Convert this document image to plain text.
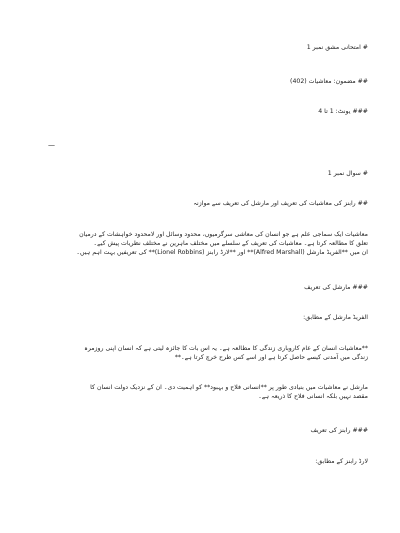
# امتحانی مشق نمبر 1
## مضمون: معاشیات (402)
### یونٹ: 1 تا 4
—
# سوال نمبر 1
## رابنز کی معاشیات کی تعریف اور مارشل کی تعریف سے موازنہ
معاشیات ایک سماجی علم ہے جو انسان کی معاشی سرگرمیوں، محدود وسائل اور لامحدود خواہشات کے درمیان
تعلق کا مطالعہ کرتا ہے۔ معاشیات کی تعریف کے سلسلے میں مختلف ماہرین نے مختلف نظریات پیش کیے۔
ان میں **الفریڈ مارشل (Alfred Marshall)** اور **لارڈ رابنز (Lionel Robbins)** کی تعریفیں بہت اہم ہیں۔
### مارشل کی تعریف
الفریڈ مارشل کے مطابق:
**معاشیات انسان کے عام کاروباری زندگی کا مطالعہ ہے۔ یہ اس بات کا جائزہ لیتی ہے کہ انسان اپنی روزمرہ
زندگی میں آمدنی کیسے حاصل کرتا ہے اور اسے کس طرح خرچ کرتا ہے۔**
مارشل نے معاشیات میں بنیادی طور پر **انسانی فلاح و بہبود** کو اہمیت دی۔ ان کے نزدیک دولت انسان کا
مقصد نہیں بلکہ انسانی فلاح کا ذریعہ ہے۔
### رابنز کی تعریف
لارڈ رابنز کے مطابق:
